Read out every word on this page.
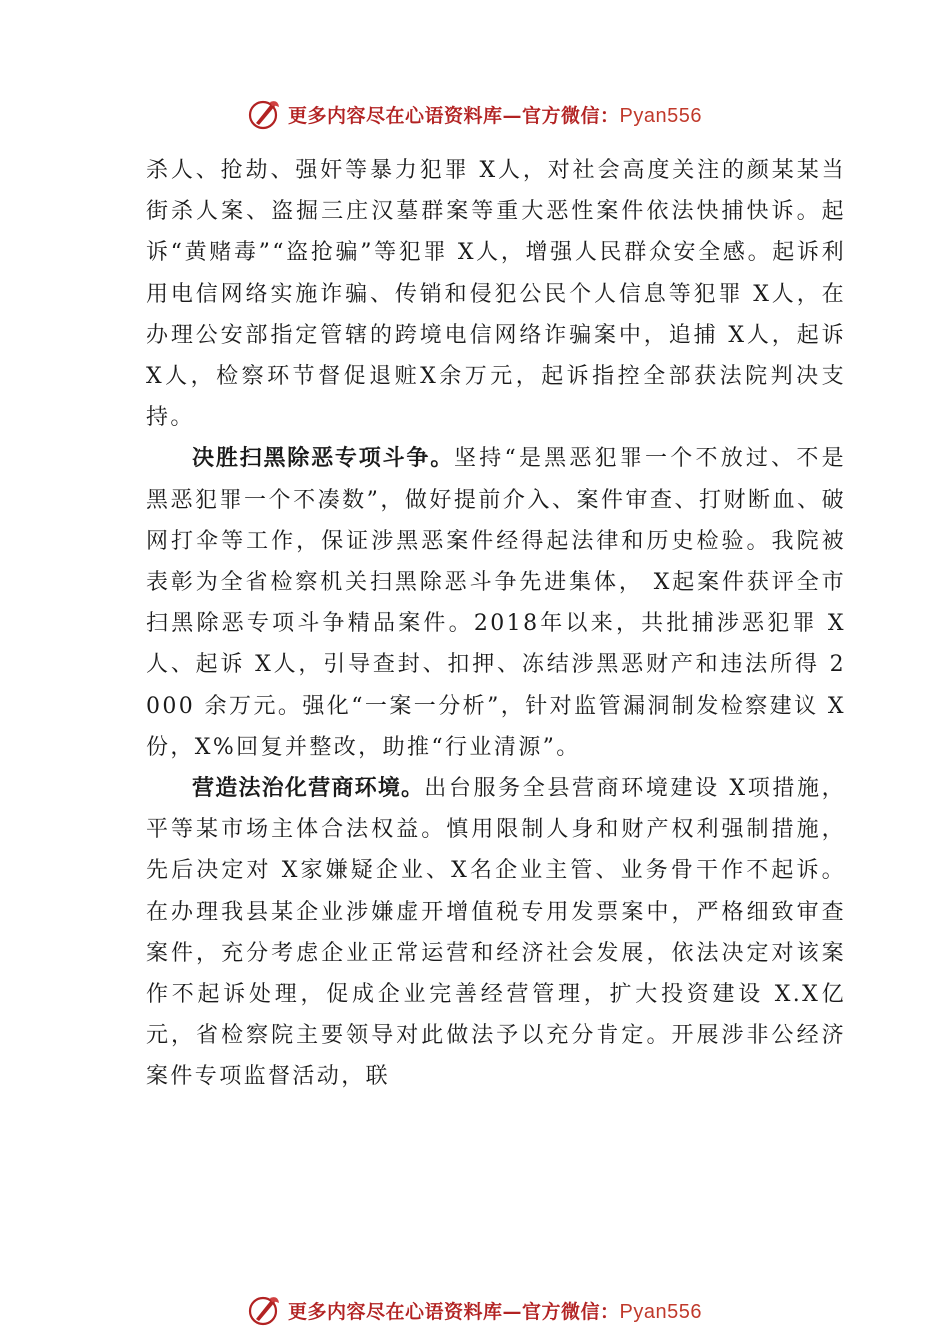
更多内容尽在心语资料库—官方微信：Pyan556

杀人、抢劫、强奸等暴力犯罪 X人，对社会高度关注的颜某某当街杀人案、盗掘三庄汉墓群案等重大恶性案件依法快捕快诉。起诉“黄赌毒”“盗抢骗”等犯罪 X人，增强人民群众安全感。起诉利用电信网络实施诈骗、传销和侵犯公民个人信息等犯罪 X人，在办理公安部指定管辖的跨境电信网络诈骗案中，追捕 X人，起诉 X人，检察环节督促退赃X余万元，起诉指控全部获法院判决支持。

决胜扫黑除恶专项斗争。坚持“是黑恶犯罪一个不放过、不是黑恶犯罪一个不凑数”，做好提前介入、案件审查、打财断血、破网打伞等工作，保证涉黑恶案件经得起法律和历史检验。我院被表彰为全省检察机关扫黑除恶斗争先进集体， X起案件获评全市扫黑除恶专项斗争精品案件。2018年以来，共批捕涉恶犯罪 X人、起诉 X人，引导查封、扣押、冻结涉黑恶财产和违法所得 2000 余万元。强化“一案一分析”，针对监管漏洞制发检察建议 X份，X%回复并整改，助推“行业清源”。

营造法治化营商环境。出台服务全县营商环境建设 X项措施，平等某市场主体合法权益。慎用限制人身和财产权利强制措施，先后决定对 X家嫌疑企业、X名企业主管、业务骨干作不起诉。在办理我县某企业涉嫌虚开增值税专用发票案中，严格细致审查案件，充分考虑企业正常运营和经济社会发展，依法决定对该案作不起诉处理，促成企业完善经营管理，扩大投资建设 X.X亿元，省检察院主要领导对此做法予以充分肯定。开展涉非公经济案件专项监督活动，联

更多内容尽在心语资料库—官方微信：Pyan556
